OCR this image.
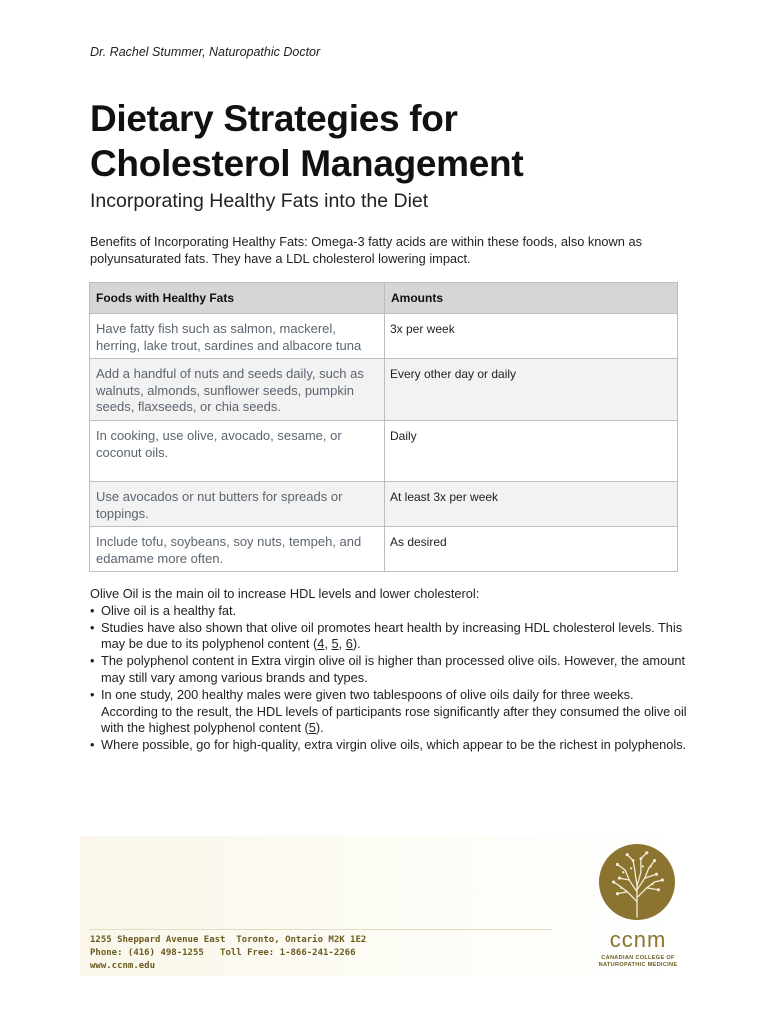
Dr. Rachel Stummer, Naturopathic Doctor
Dietary Strategies for
Cholesterol Management
Incorporating Healthy Fats into the Diet

Benefits of Incorporating Healthy Fats: Omega-3 fatty acids are within these foods, also known as polyunsaturated fats. They have a LDL cholesterol lowering impact.

Foods with Healthy Fats	Amounts
Have fatty fish such as salmon, mackerel, herring, lake trout, sardines and albacore tuna	3x per week
Add a handful of nuts and seeds daily, such as walnuts, almonds, sunflower seeds, pumpkin seeds, flaxseeds, or chia seeds.	Every other day or daily
In cooking, use olive, avocado, sesame, or coconut oils.	Daily
Use avocados or nut butters for spreads or toppings.	At least 3x per week
Include tofu, soybeans, soy nuts, tempeh, and edamame more often.	As desired
Olive Oil is the main oil to increase HDL levels and lower cholesterol:
• Olive oil is a healthy fat.
• Studies have also shown that olive oil promotes heart health by increasing HDL cholesterol levels. This may be due to its polyphenol content (4, 5, 6).
• The polyphenol content in Extra virgin olive oil is higher than processed olive oils. However, the amount may still vary among various brands and types.
• In one study, 200 healthy males were given two tablespoons of olive oils daily for three weeks. According to the result, the HDL levels of participants rose significantly after they consumed the olive oil with the highest polyphenol content (5).
• Where possible, go for high-quality, extra virgin olive oils, which appear to be the richest in polyphenols.
1255 Sheppard Avenue East  Toronto, Ontario M2K 1E2
Phone: (416) 498-1255   Toll Free: 1-866-241-2266
www.ccnm.edu
ccnm
CANADIAN COLLEGE OF
NATUROPATHIC MEDICINE
